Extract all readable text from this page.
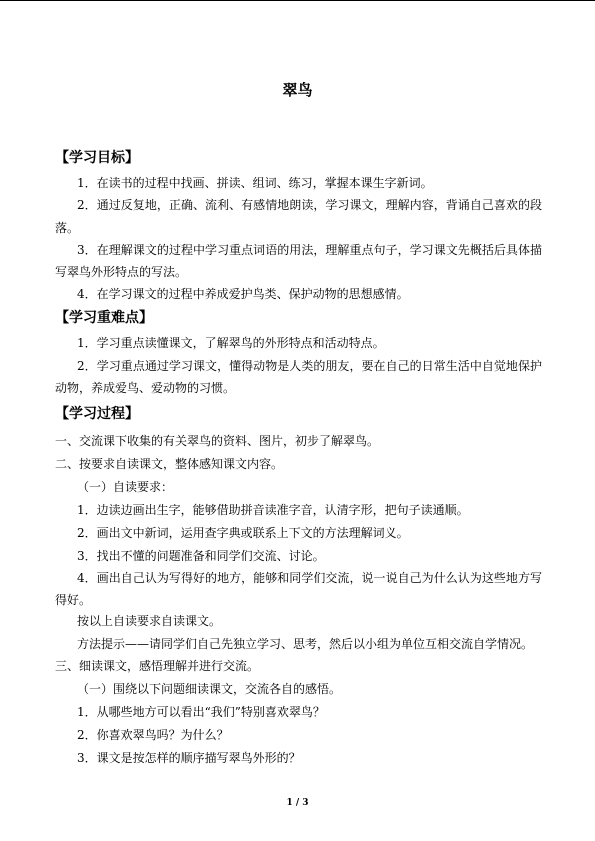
翠鸟
【学习目标】
1．在读书的过程中找画、拼读、组词、练习，掌握本课生字新词。
2．通过反复地，正确、流利、有感情地朗读，学习课文，理解内容，背诵自己喜欢的段
落。
3．在理解课文的过程中学习重点词语的用法，理解重点句子，学习课文先概括后具体描
写翠鸟外形特点的写法。
4．在学习课文的过程中养成爱护鸟类、保护动物的思想感情。
【学习重难点】
1．学习重点读懂课文，了解翠鸟的外形特点和活动特点。
2．学习重点通过学习课文，懂得动物是人类的朋友，要在自己的日常生活中自觉地保护
动物，养成爱鸟、爱动物的习惯。
【学习过程】
一、交流课下收集的有关翠鸟的资料、图片，初步了解翠鸟。
二、按要求自读课文，整体感知课文内容。
（一）自读要求：
1．边读边画出生字，能够借助拼音读准字音，认清字形，把句子读通顺。
2．画出文中新词，运用查字典或联系上下文的方法理解词义。
3．找出不懂的问题准备和同学们交流、讨论。
4．画出自己认为写得好的地方，能够和同学们交流，说一说自己为什么认为这些地方写
得好。
按以上自读要求自读课文。
方法提示——请同学们自己先独立学习、思考，然后以小组为单位互相交流自学情况。
三、细读课文，感悟理解并进行交流。
（一）围绕以下问题细读课文，交流各自的感悟。
1．从哪些地方可以看出“我们”特别喜欢翠鸟？
2．你喜欢翠鸟吗？为什么？
3．课文是按怎样的顺序描写翠鸟外形的？
1 / 3
